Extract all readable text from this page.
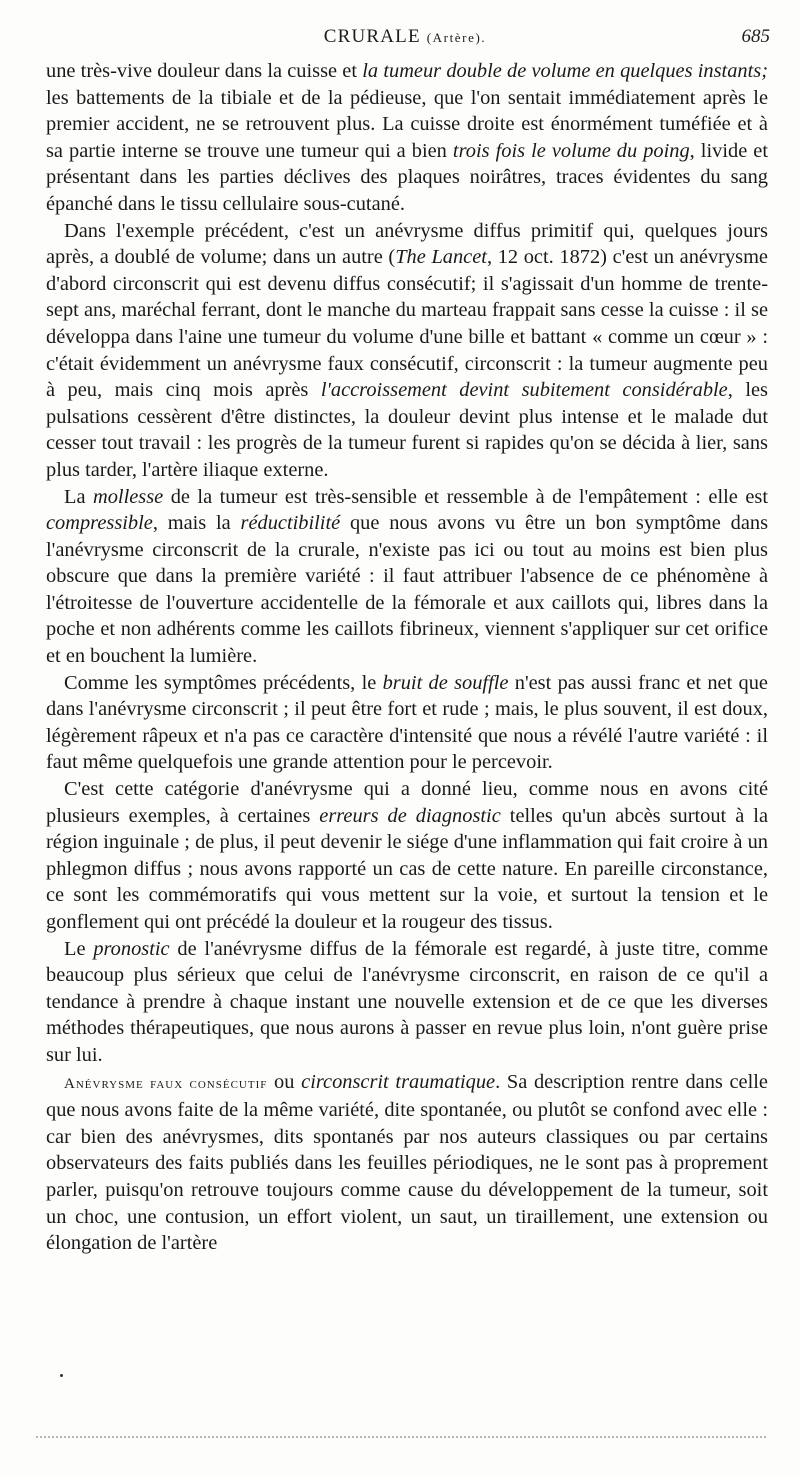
CRURALE (Artère).	685

une très-vive douleur dans la cuisse et la tumeur double de volume en quelques instants; les battements de la tibiale et de la pédieuse, que l'on sentait immédiatement après le premier accident, ne se retrouvent plus. La cuisse droite est énormément tuméfiée et à sa partie interne se trouve une tumeur qui a bien trois fois le volume du poing, livide et présentant dans les parties déclives des plaques noirâtres, traces évidentes du sang épanché dans le tissu cellulaire sous-cutané.

Dans l'exemple précédent, c'est un anévrysme diffus primitif qui, quelques jours après, a doublé de volume; dans un autre (The Lancet, 12 oct. 1872) c'est un anévrysme d'abord circonscrit qui est devenu diffus consécutif; il s'agissait d'un homme de trente-sept ans, maréchal ferrant, dont le manche du marteau frappait sans cesse la cuisse : il se développa dans l'aine une tumeur du volume d'une bille et battant « comme un cœur » : c'était évidemment un anévrysme faux consécutif, circonscrit : la tumeur augmente peu à peu, mais cinq mois après l'accroissement devint subitement considérable, les pulsations cessèrent d'être distinctes, la douleur devint plus intense et le malade dut cesser tout travail : les progrès de la tumeur furent si rapides qu'on se décida à lier, sans plus tarder, l'artère iliaque externe.

La mollesse de la tumeur est très-sensible et ressemble à de l'empâtement : elle est compressible, mais la réductibilité que nous avons vu être un bon symptôme dans l'anévrysme circonscrit de la crurale, n'existe pas ici ou tout au moins est bien plus obscure que dans la première variété : il faut attribuer l'absence de ce phénomène à l'étroitesse de l'ouverture accidentelle de la fémorale et aux caillots qui, libres dans la poche et non adhérents comme les caillots fibrineux, viennent s'appliquer sur cet orifice et en bouchent la lumière.

Comme les symptômes précédents, le bruit de souffle n'est pas aussi franc et net que dans l'anévrysme circonscrit ; il peut être fort et rude ; mais, le plus souvent, il est doux, légèrement râpeux et n'a pas ce caractère d'intensité que nous a révélé l'autre variété : il faut même quelquefois une grande attention pour le percevoir.

C'est cette catégorie d'anévrysme qui a donné lieu, comme nous en avons cité plusieurs exemples, à certaines erreurs de diagnostic telles qu'un abcès surtout à la région inguinale ; de plus, il peut devenir le siége d'une inflammation qui fait croire à un phlegmon diffus ; nous avons rapporté un cas de cette nature. En pareille circonstance, ce sont les commémoratifs qui vous mettent sur la voie, et surtout la tension et le gonflement qui ont précédé la douleur et la rougeur des tissus.

Le pronostic de l'anévrysme diffus de la fémorale est regardé, à juste titre, comme beaucoup plus sérieux que celui de l'anévrysme circonscrit, en raison de ce qu'il a tendance à prendre à chaque instant une nouvelle extension et de ce que les diverses méthodes thérapeutiques, que nous aurons à passer en revue plus loin, n'ont guère prise sur lui.

Anévrysme faux consécutif ou circonscrit traumatique. Sa description rentre dans celle que nous avons faite de la même variété, dite spontanée, ou plutôt se confond avec elle : car bien des anévrysmes, dits spontanés par nos auteurs classiques ou par certains observateurs des faits publiés dans les feuilles périodiques, ne le sont pas à proprement parler, puisqu'on retrouve toujours comme cause du développement de la tumeur, soit un choc, une contusion, un effort violent, un saut, un tiraillement, une extension ou élongation de l'artère
